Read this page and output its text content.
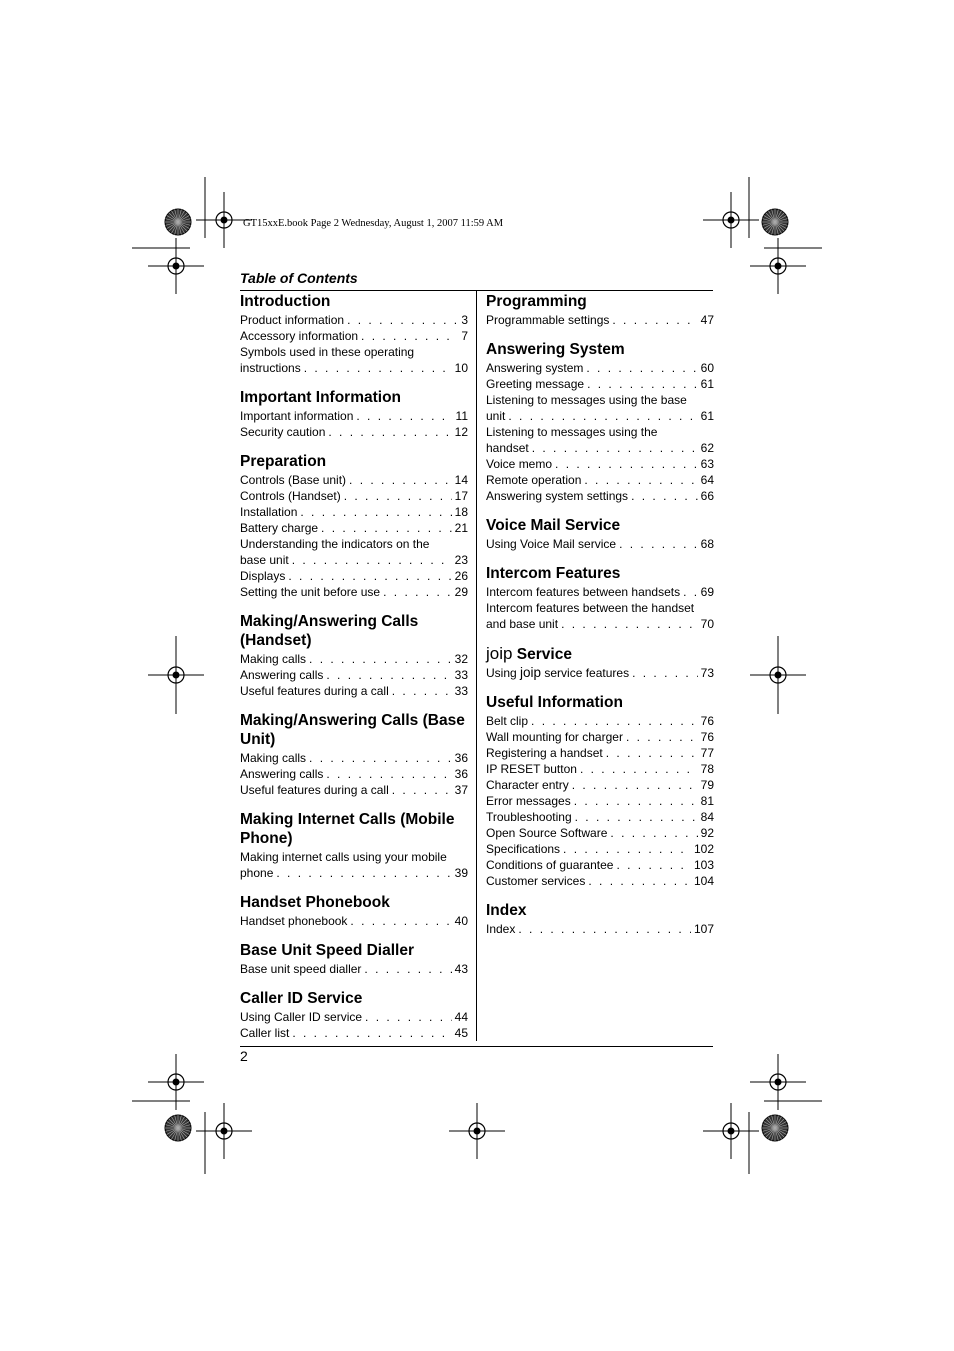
GT15xxE.book Page 2 Wednesday, August 1, 2007 11:59 AM
Table of Contents
2
Introduction
Product information . . .	3
Accessory information . . .	7
Symbols used in these operating
instructions . . .	10
Important Information
Important information . . .	11
Security caution . . .	12
Preparation
Controls (Base unit) . . .	14
Controls (Handset) . . .	17
Installation . . .	18
Battery charge . . .	21
Understanding the indicators on the
base unit . . .	23
Displays . . .	26
Setting the unit before use . . .	29
Making/Answering Calls (Handset)
Making calls . . .	32
Answering calls . . .	33
Useful features during a call . . .	33
Making/Answering Calls (Base Unit)
Making calls . . .	36
Answering calls . . .	36
Useful features during a call . . .	37
Making Internet Calls (Mobile Phone)
Making internet calls using your mobile
phone . . .	39
Handset Phonebook
Handset phonebook . . .	40
Base Unit Speed Dialler
Base unit speed dialler . . .	43
Caller ID Service
Using Caller ID service . . .	44
Caller list . . .	45
Programming
Programmable settings . . .	47
Answering System
Answering system . . .	60
Greeting message . . .	61
Listening to messages using the base
unit . . .	61
Listening to messages using the
handset . . .	62
Voice memo . . .	63
Remote operation . . .	64
Answering system settings . . .	66
Voice Mail Service
Using Voice Mail service . . .	68
Intercom Features
Intercom features between handsets . . . 69
Intercom features between the handset
and base unit . . .	70
joip Service
Using joip service features . . .	73
Useful Information
Belt clip . . .	76
Wall mounting for charger . . .	76
Registering a handset . . .	77
IP RESET button . . .	78
Character entry . . .	79
Error messages . . .	81
Troubleshooting . . .	84
Open Source Software . . .	92
Specifications . . .	102
Conditions of guarantee . . .	103
Customer services . . .	104
Index
Index . . .	107
